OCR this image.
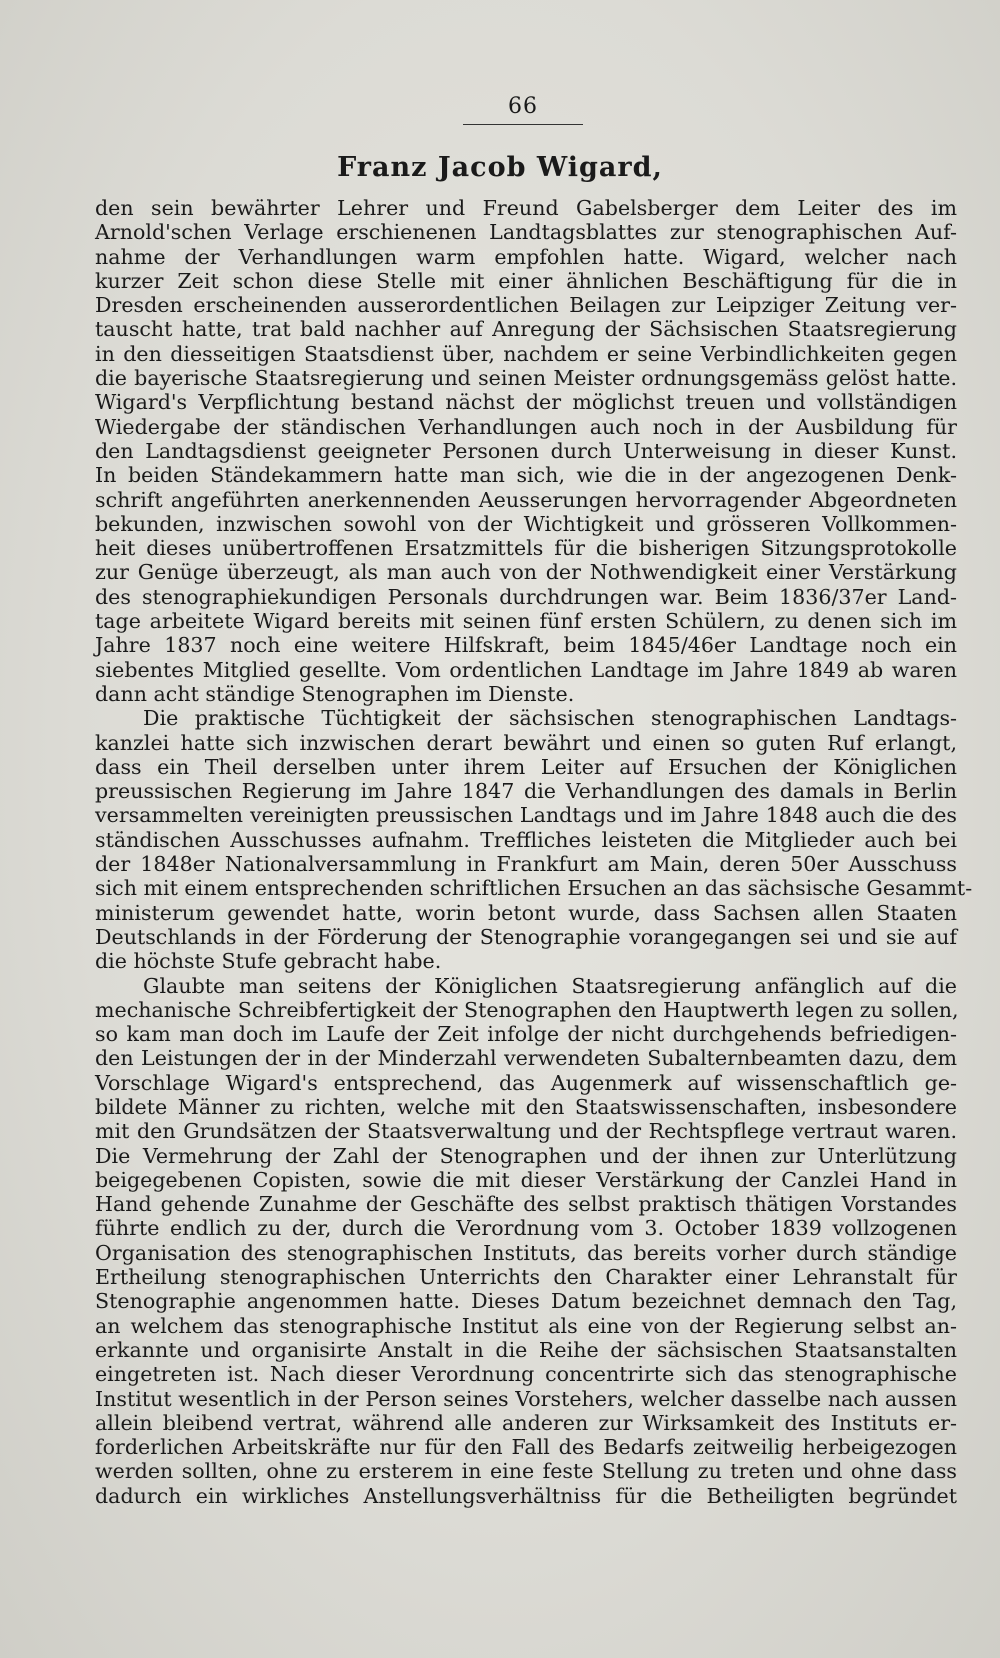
66
Franz Jacob Wigard,
den sein bewährter Lehrer und Freund Gabelsberger dem Leiter des im
Arnold'schen Verlage erschienenen Landtagsblattes zur stenographischen Auf-
nahme der Verhandlungen warm empfohlen hatte. Wigard, welcher nach
kurzer Zeit schon diese Stelle mit einer ähnlichen Beschäftigung für die in
Dresden erscheinenden ausserordentlichen Beilagen zur Leipziger Zeitung ver-
tauscht hatte, trat bald nachher auf Anregung der Sächsischen Staatsregierung
in den diesseitigen Staatsdienst über, nachdem er seine Verbindlichkeiten gegen
die bayerische Staatsregierung und seinen Meister ordnungsgemäss gelöst hatte.
Wigard's Verpflichtung bestand nächst der möglichst treuen und vollständigen
Wiedergabe der ständischen Verhandlungen auch noch in der Ausbildung für
den Landtagsdienst geeigneter Personen durch Unterweisung in dieser Kunst.
In beiden Ständekammern hatte man sich, wie die in der angezogenen Denk-
schrift angeführten anerkennenden Aeusserungen hervorragender Abgeordneten
bekunden, inzwischen sowohl von der Wichtigkeit und grösseren Vollkommen-
heit dieses unübertroffenen Ersatzmittels für die bisherigen Sitzungsprotokolle
zur Genüge überzeugt, als man auch von der Nothwendigkeit einer Verstärkung
des stenographiekundigen Personals durchdrungen war. Beim 1836/37er Land-
tage arbeitete Wigard bereits mit seinen fünf ersten Schülern, zu denen sich im
Jahre 1837 noch eine weitere Hilfskraft, beim 1845/46er Landtage noch ein
siebentes Mitglied gesellte. Vom ordentlichen Landtage im Jahre 1849 ab waren
dann acht ständige Stenographen im Dienste.
Die praktische Tüchtigkeit der sächsischen stenographischen Landtags-
kanzlei hatte sich inzwischen derart bewährt und einen so guten Ruf erlangt,
dass ein Theil derselben unter ihrem Leiter auf Ersuchen der Königlichen
preussischen Regierung im Jahre 1847 die Verhandlungen des damals in Berlin
versammelten vereinigten preussischen Landtags und im Jahre 1848 auch die des
ständischen Ausschusses aufnahm. Treffliches leisteten die Mitglieder auch bei
der 1848er Nationalversammlung in Frankfurt am Main, deren 50er Ausschuss
sich mit einem entsprechenden schriftlichen Ersuchen an das sächsische Gesammt-
ministerum gewendet hatte, worin betont wurde, dass Sachsen allen Staaten
Deutschlands in der Förderung der Stenographie vorangegangen sei und sie auf
die höchste Stufe gebracht habe.
Glaubte man seitens der Königlichen Staatsregierung anfänglich auf die
mechanische Schreibfertigkeit der Stenographen den Hauptwerth legen zu sollen,
so kam man doch im Laufe der Zeit infolge der nicht durchgehends befriedigen-
den Leistungen der in der Minderzahl verwendeten Subalternbeamten dazu, dem
Vorschlage Wigard's entsprechend, das Augenmerk auf wissenschaftlich ge-
bildete Männer zu richten, welche mit den Staatswissenschaften, insbesondere
mit den Grundsätzen der Staatsverwaltung und der Rechtspflege vertraut waren.
Die Vermehrung der Zahl der Stenographen und der ihnen zur Unterlützung
beigegebenen Copisten, sowie die mit dieser Verstärkung der Canzlei Hand in
Hand gehende Zunahme der Geschäfte des selbst praktisch thätigen Vorstandes
führte endlich zu der, durch die Verordnung vom 3. October 1839 vollzogenen
Organisation des stenographischen Instituts, das bereits vorher durch ständige
Ertheilung stenographischen Unterrichts den Charakter einer Lehranstalt für
Stenographie angenommen hatte. Dieses Datum bezeichnet demnach den Tag,
an welchem das stenographische Institut als eine von der Regierung selbst an-
erkannte und organisirte Anstalt in die Reihe der sächsischen Staatsanstalten
eingetreten ist. Nach dieser Verordnung concentrirte sich das stenographische
Institut wesentlich in der Person seines Vorstehers, welcher dasselbe nach aussen
allein bleibend vertrat, während alle anderen zur Wirksamkeit des Instituts er-
forderlichen Arbeitskräfte nur für den Fall des Bedarfs zeitweilig herbeigezogen
werden sollten, ohne zu ersterem in eine feste Stellung zu treten und ohne dass
dadurch ein wirkliches Anstellungsverhältniss für die Betheiligten begründet
